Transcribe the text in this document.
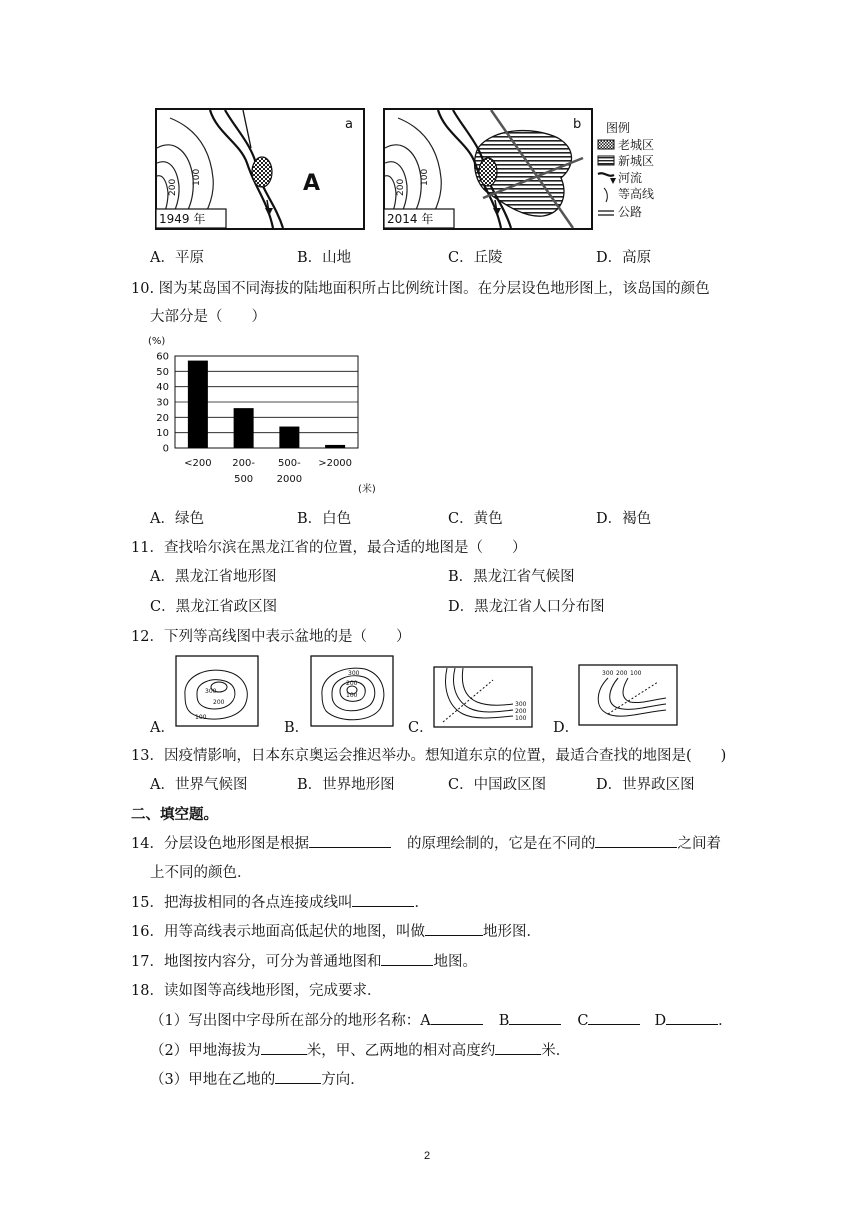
1949 年
a
A
200
100
2014 年
b
200
100
图例
老城区
新城区
河流
等高线
公路
A．平原	B．山地	C．丘陵	D．高原
10. 图为某岛国不同海拔的陆地面积所占比例统计图。在分层设色地形图上，该岛国的颜色
大部分是（　　）
60
50
40
30
20
10
0
<200 200-
500
500-
2000
>2000
(%)
(米)
A．绿色	B．白色	C．黄色	D．褐色
11．查找哈尔滨在黑龙江省的位置，最合适的地图是（　　）
A．黑龙江省地形图	B．黑龙江省气候图
C．黑龙江省政区图	D．黑龙江省人口分布图
12．下列等高线图中表示盆地的是（　　）
A．
300
200
100
B．
300
200
100
C．
300
200
100
D．
300 200 100
13．因疫情影响，日本东京奥运会推迟举办。想知道东京的位置，最适合查找的地图是(　　)
A．世界气候图	B．世界地形图	C．中国政区图	D．世界政区图
二、填空题。
14．分层设色地形图是根据	的原理绘制的，它是在不同的	之间着
上不同的颜色．
15．把海拔相同的各点连接成线叫	．
16．用等高线表示地面高低起伏的地图，叫做	地形图．
17．地图按内容分，可分为普通地图和	地图。
18．读如图等高线地形图，完成要求．
（1）写出图中字母所在部分的地形名称：A	B	C	D	．
（2）甲地海拔为	米，甲、乙两地的相对高度约	米．
（3）甲地在乙地的	方向．
2
